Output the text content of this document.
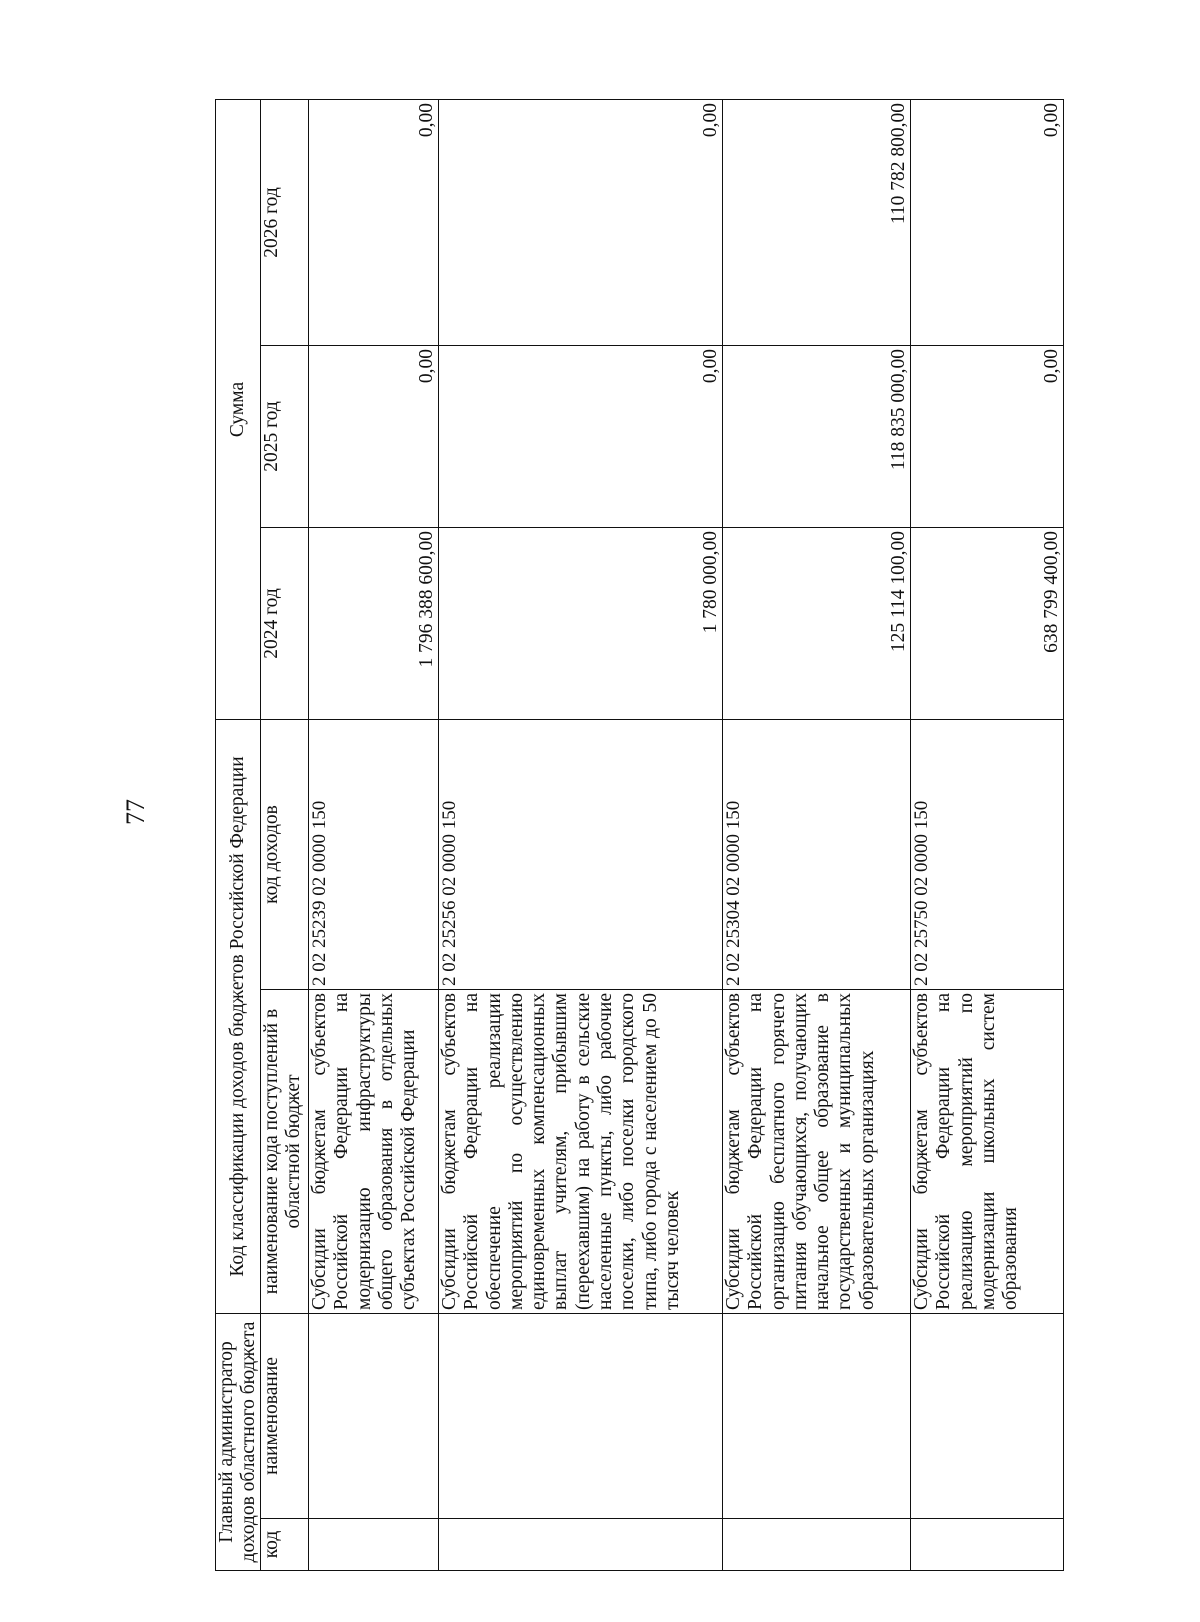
77
Главный администратор доходов областного бюджета		Код классификации доходов бюджетов Российской Федерации		Сумма		
код	наименование	наименование кода поступлений в областной бюджет	код доходов	2024 год	2025 год	2026 год
		Субсидии бюджетам субъектов Российской Федерации на модернизацию инфраструктуры общего образования в отдельных субъектах Российской Федерации	2 02 25239 02 0000 150	1 796 388 600,00	0,00	0,00
		Субсидии бюджетам субъектов Российской Федерации на обеспечение реализации мероприятий по осуществлению единовременных компенсационных выплат учителям, прибывшим (переехавшим) на работу в сельские населенные пункты, либо рабочие поселки, либо поселки городского типа, либо города с населением до 50 тысяч человек	2 02 25256 02 0000 150	1 780 000,00	0,00	0,00
		Субсидии бюджетам субъектов Российской Федерации на организацию бесплатного горячего питания обучающихся, получающих начальное общее образование в государственных и муниципальных образовательных организациях	2 02 25304 02 0000 150	125 114 100,00	118 835 000,00	110 782 800,00
		Субсидии бюджетам субъектов Российской Федерации на реализацию мероприятий по модернизации школьных систем образования	2 02 25750 02 0000 150	638 799 400,00	0,00	0,00
